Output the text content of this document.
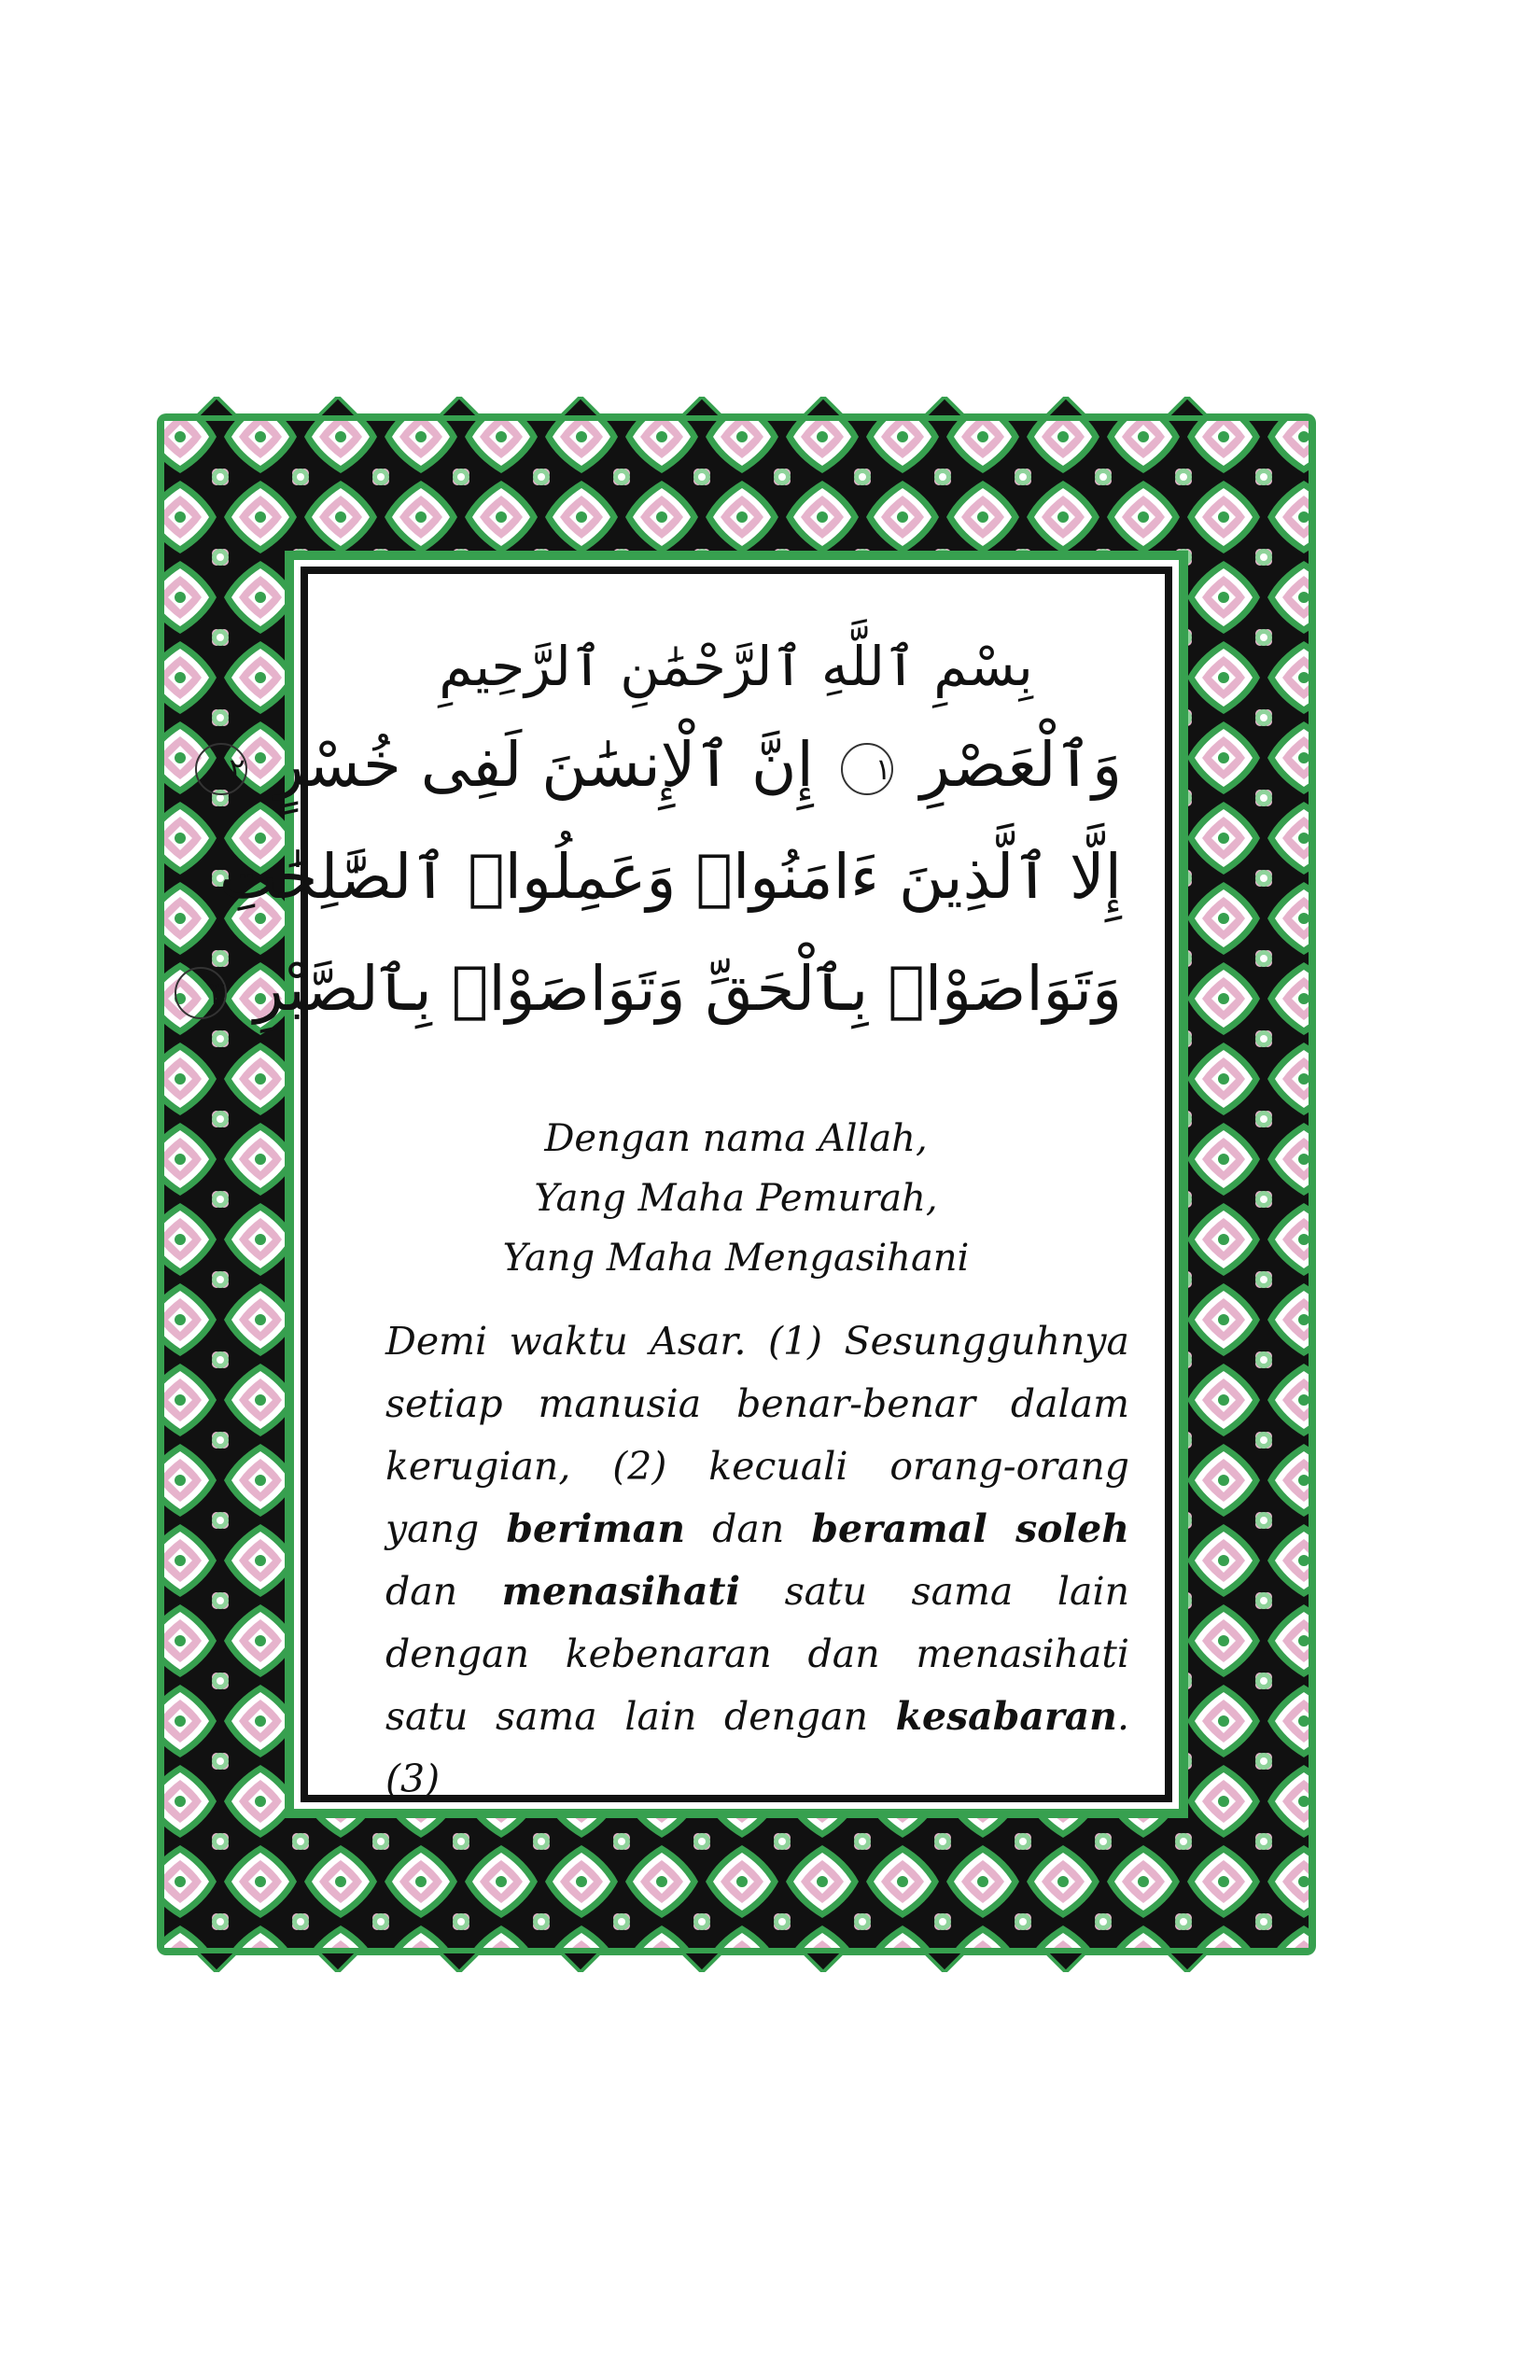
بِسْمِ ٱللَّهِ ٱلرَّحْمَٰنِ ٱلرَّحِيمِ
وَٱلْعَصْرِ ١ إِنَّ ٱلْإِنسَٰنَ لَفِى خُسْرٍ ٢
إِلَّا ٱلَّذِينَ ءَامَنُوا۟ وَعَمِلُوا۟ ٱلصَّٰلِحَٰتِ
وَتَوَاصَوْا۟ بِٱلْحَقِّ وَتَوَاصَوْا۟ بِٱلصَّبْرِ ٣
Dengan nama Allah,
Yang Maha Pemurah,
Yang Maha Mengasihani
Demi waktu Asar. (1) Sesungguhnya setiap manusia benar-benar dalam kerugian, (2) kecuali orang-orang yang beriman dan beramal soleh dan menasihati satu sama lain dengan kebenaran dan menasihati satu sama lain dengan kesabaran. (3)
